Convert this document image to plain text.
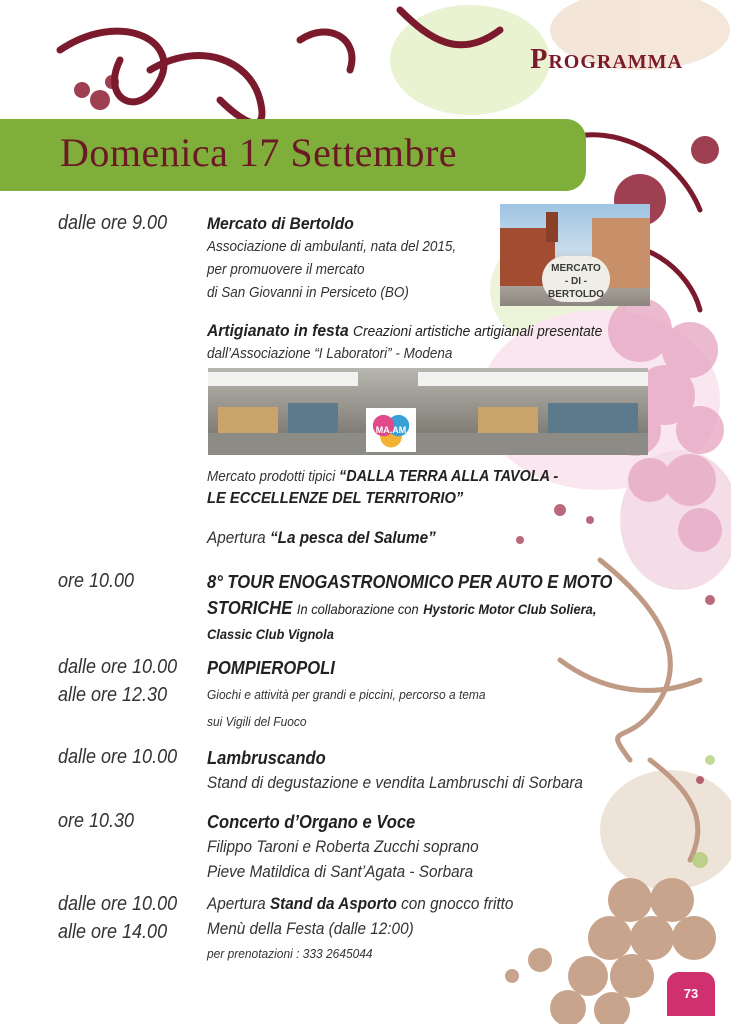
Programma
Domenica 17 Settembre
dalle ore 9.00 Mercato di Bertoldo
Associazione di ambulanti, nata del 2015,
per promuovere il mercato
di San Giovanni in Persiceto (BO)
MERCATO
- DI -
BERTOLDO
Artigianato in festa Creazioni artistiche artigianali presentate
dall’Associazione “I Laboratori” - Modena
MA.AM
Mercato prodotti tipici “DALLA TERRA ALLA TAVOLA -
LE ECCELLENZE DEL TERRITORIO”
Apertura “La pesca del Salume”
ore 10.00	8° TOUR ENOGASTRONOMICO PER AUTO E MOTO
STORICHE In collaborazione con Hystoric Motor Club Soliera,
Classic Club Vignola
dalle ore 10.00
alle ore 12.30
POMPIEROPOLI
Giochi e attività per grandi e piccini, percorso a tema
sui Vigili del Fuoco
dalle ore 10.00 Lambruscando
Stand di degustazione e vendita Lambruschi di Sorbara
ore 10.30	Concerto d’Organo e Voce
Filippo Taroni e Roberta Zucchi soprano
Pieve Matildica di Sant’Agata - Sorbara
dalle ore 10.00
alle ore 14.00
Apertura Stand da Asporto con gnocco fritto
Menù della Festa (dalle 12:00)
per prenotazioni : 333 2645044
73
